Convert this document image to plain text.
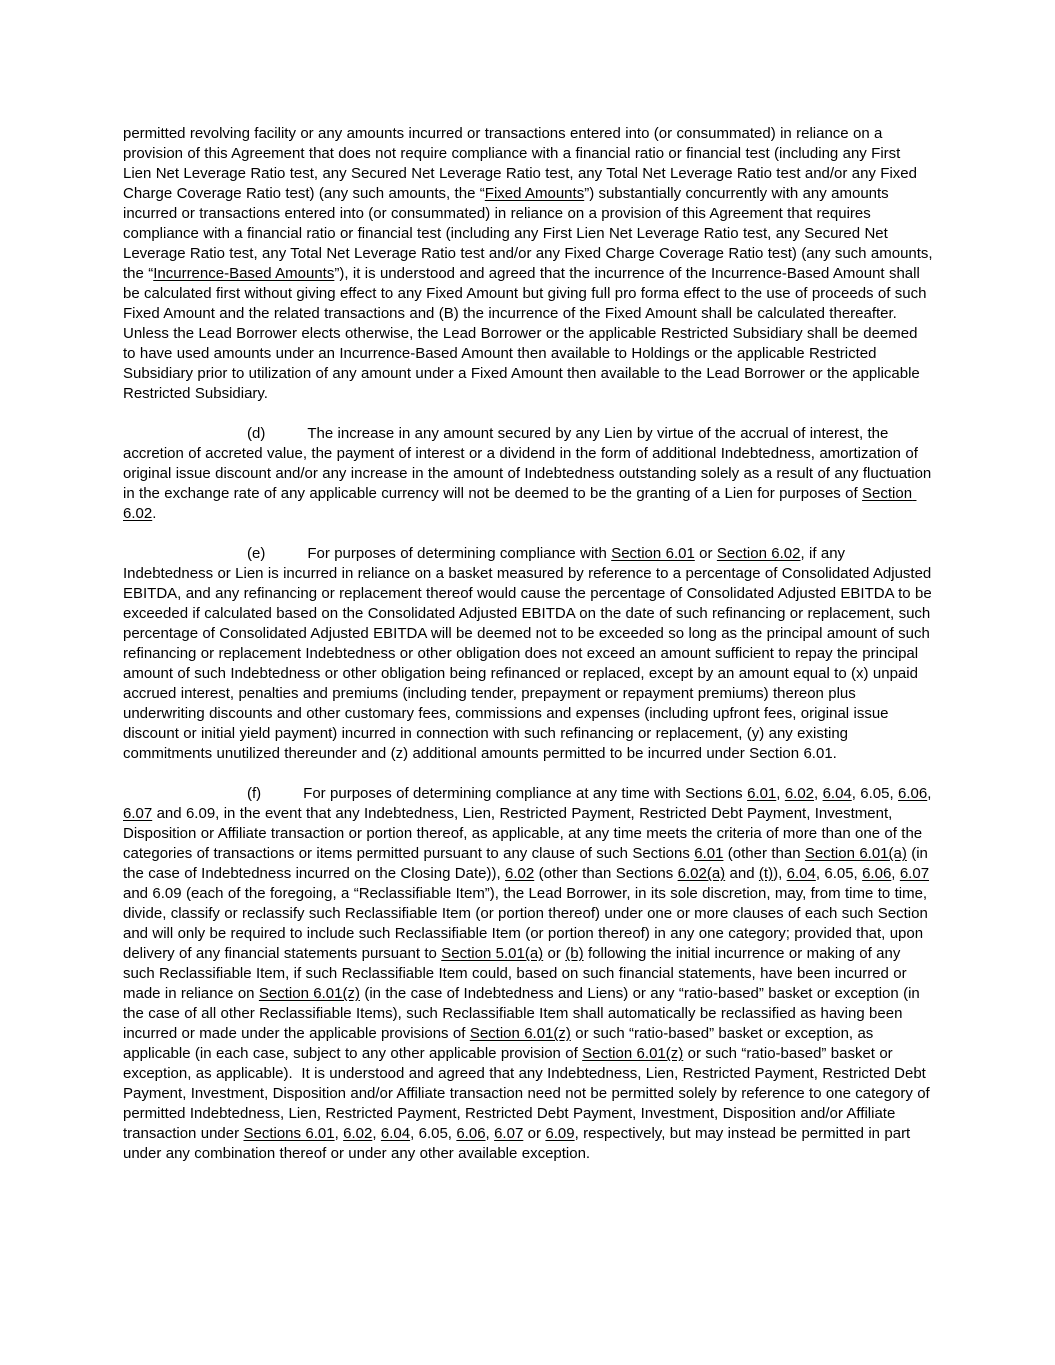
permitted revolving facility or any amounts incurred or transactions entered into (or consummated) in reliance on a provision of this Agreement that does not require compliance with a financial ratio or financial test (including any First Lien Net Leverage Ratio test, any Secured Net Leverage Ratio test, any Total Net Leverage Ratio test and/or any Fixed Charge Coverage Ratio test) (any such amounts, the “Fixed Amounts”) substantially concurrently with any amounts incurred or transactions entered into (or consummated) in reliance on a provision of this Agreement that requires compliance with a financial ratio or financial test (including any First Lien Net Leverage Ratio test, any Secured Net Leverage Ratio test, any Total Net Leverage Ratio test and/or any Fixed Charge Coverage Ratio test) (any such amounts, the “Incurrence-Based Amounts”), it is understood and agreed that the incurrence of the Incurrence-Based Amount shall be calculated first without giving effect to any Fixed Amount but giving full pro forma effect to the use of proceeds of such Fixed Amount and the related transactions and (B) the incurrence of the Fixed Amount shall be calculated thereafter.  Unless the Lead Borrower elects otherwise, the Lead Borrower or the applicable Restricted Subsidiary shall be deemed to have used amounts under an Incurrence-Based Amount then available to Holdings or the applicable Restricted Subsidiary prior to utilization of any amount under a Fixed Amount then available to the Lead Borrower or the applicable Restricted Subsidiary.

(d)	The increase in any amount secured by any Lien by virtue of the accrual of interest, the accretion of accreted value, the payment of interest or a dividend in the form of additional Indebtedness, amortization of original issue discount and/or any increase in the amount of Indebtedness outstanding solely as a result of any fluctuation in the exchange rate of any applicable currency will not be deemed to be the granting of a Lien for purposes of Section 6.02.

(e)	For purposes of determining compliance with Section 6.01 or Section 6.02, if any Indebtedness or Lien is incurred in reliance on a basket measured by reference to a percentage of Consolidated Adjusted EBITDA, and any refinancing or replacement thereof would cause the percentage of Consolidated Adjusted EBITDA to be exceeded if calculated based on the Consolidated Adjusted EBITDA on the date of such refinancing or replacement, such percentage of Consolidated Adjusted EBITDA will be deemed not to be exceeded so long as the principal amount of such refinancing or replacement Indebtedness or other obligation does not exceed an amount sufficient to repay the principal amount of such Indebtedness or other obligation being refinanced or replaced, except by an amount equal to (x) unpaid accrued interest, penalties and premiums (including tender, prepayment or repayment premiums) thereon plus underwriting discounts and other customary fees, commissions and expenses (including upfront fees, original issue discount or initial yield payment) incurred in connection with such refinancing or replacement, (y) any existing commitments unutilized thereunder and (z) additional amounts permitted to be incurred under Section 6.01.

(f)	For purposes of determining compliance at any time with Sections 6.01, 6.02, 6.04, 6.05, 6.06, 6.07 and 6.09, in the event that any Indebtedness, Lien, Restricted Payment, Restricted Debt Payment, Investment, Disposition or Affiliate transaction or portion thereof, as applicable, at any time meets the criteria of more than one of the categories of transactions or items permitted pursuant to any clause of such Sections 6.01 (other than Section 6.01(a) (in the case of Indebtedness incurred on the Closing Date)), 6.02 (other than Sections 6.02(a) and (t)), 6.04, 6.05, 6.06, 6.07 and 6.09 (each of the foregoing, a “Reclassifiable Item”), the Lead Borrower, in its sole discretion, may, from time to time, divide, classify or reclassify such Reclassifiable Item (or portion thereof) under one or more clauses of each such Section and will only be required to include such Reclassifiable Item (or portion thereof) in any one category; provided that, upon delivery of any financial statements pursuant to Section 5.01(a) or (b) following the initial incurrence or making of any such Reclassifiable Item, if such Reclassifiable Item could, based on such financial statements, have been incurred or made in reliance on Section 6.01(z) (in the case of Indebtedness and Liens) or any “ratio-based” basket or exception (in the case of all other Reclassifiable Items), such Reclassifiable Item shall automatically be reclassified as having been incurred or made under the applicable provisions of Section 6.01(z) or such “ratio-based” basket or exception, as applicable (in each case, subject to any other applicable provision of Section 6.01(z) or such “ratio-based” basket or exception, as applicable).  It is understood and agreed that any Indebtedness, Lien, Restricted Payment, Restricted Debt Payment, Investment, Disposition and/or Affiliate transaction need not be permitted solely by reference to one category of permitted Indebtedness, Lien, Restricted Payment, Restricted Debt Payment, Investment, Disposition and/or Affiliate transaction under Sections 6.01, 6.02, 6.04, 6.05, 6.06, 6.07 or 6.09, respectively, but may instead be permitted in part under any combination thereof or under any other available exception.
